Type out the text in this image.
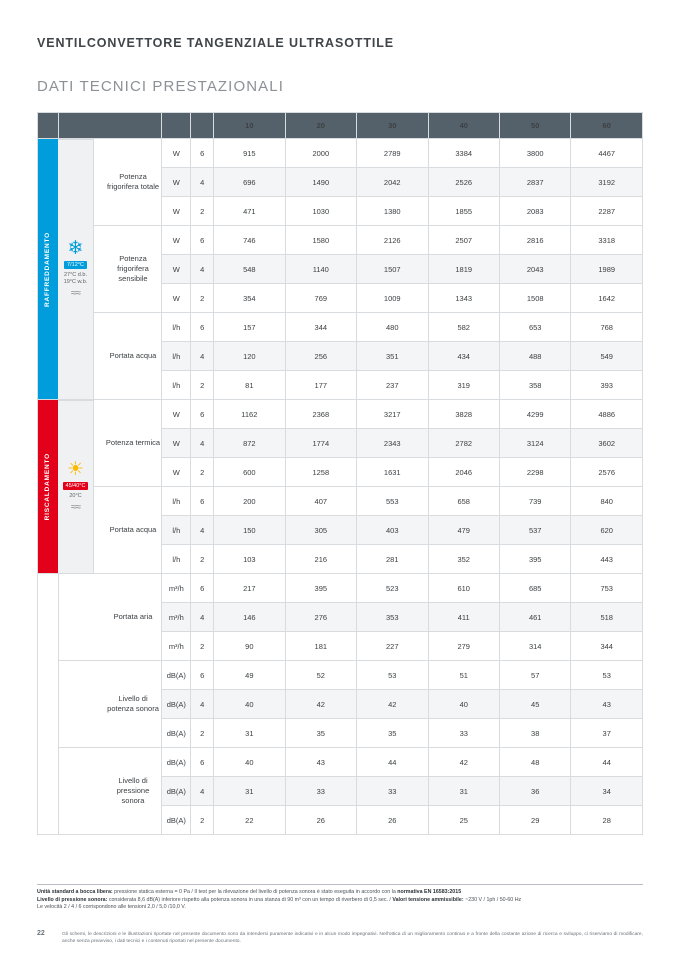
VENTILCONVETTORE TANGENZIALE ULTRASOTTILE
DATI TECNICI PRESTAZIONALI
				10	20	30	40	50	60

RAFFREDDAMENTO	Potenza frigorifera totale	W	6	915	2000	2789	3384	3800	4467
		W	4	696	1490	2042	2526	2837	3192
		W	2	471	1030	1380	1855	2083	2287
	Potenza frigorifera sensibile	W	6	746	1580	2126	2507	2816	3318
		W	4	548	1140	1507	1819	2043	1989
		W	2	354	769	1009	1343	1508	1642
	Portata acqua	l/h	6	157	344	480	582	653	768
		l/h	4	120	256	351	434	488	549
		l/h	2	81	177	237	319	358	393

RISCALDAMENTO	Potenza termica	W	6	1162	2368	3217	3828	4299	4886
		W	4	872	1774	2343	2782	3124	3602
		W	2	600	1258	1631	2046	2298	2576
	Portata acqua	l/h	6	200	407	553	658	739	840
		l/h	4	150	305	403	479	537	620
		l/h	2	103	216	281	352	395	443
	Portata aria	m³/h	6	217	395	523	610	685	753
		m³/h	4	146	276	353	411	461	518
		m³/h	2	90	181	227	279	314	344
	Livello di potenza sonora	dB(A)	6	49	52	53	51	57	53
		dB(A)	4	40	42	42	40	45	43
		dB(A)	2	31	35	35	33	38	37
	Livello di pressione sonora	dB(A)	6	40	43	44	42	48	44
		dB(A)	4	31	33	33	31	36	34
		dB(A)	2	22	26	26	25	29	28
Unità standard a bocca libera: pressione statica esterna = 0 Pa / Il test per la rilevazione del livello di potenza sonora è stato eseguita in accordo con la normativa EN 16583:2015
Livello di pressione sonora: considerata 8,6 dB(A) inferiore rispetto alla potenza sonora in una stanza di 90 m³ con un tempo di riverbero di 0,5 sec. / Valori tensione ammissibile: ~230 V / 1ph / 50-60 Hz
Le velocità 2 / 4 / 6 corrispondono alle tensioni 2,0 / 5,0 /10,0 V.
22	Gli schemi, le descrizioni e le illustrazioni riportate nel presente documento sono da intendersi puramente indicativi e in alcun modo impegnativi. Nell'ottica di un miglioramento continuo e a fronte della costante azione di ricerca e sviluppo, ci riserviamo di modificare, anche senza preavviso, i dati tecnici e i contenuti riportati nel presente documento.
❄
7/12°C
27°C d.b.
19°C w.b.
≈≈
☀
45/40°C
20°C
≈≈
